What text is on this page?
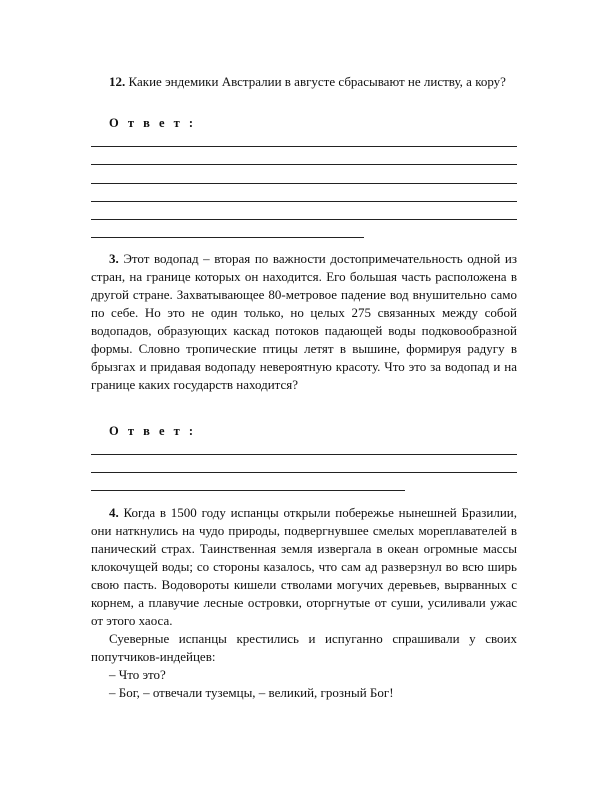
12. Какие эндемики Австралии в августе сбрасывают не листву, а кору?

О т в е т :

3. Этот водопад – вторая по важности достопримечательность одной из стран, на границе которых он находится. Его большая часть расположена в другой стране. Захватывающее 80-метровое падение вод внушительно само по себе. Но это не один только, но целых 275 связанных между собой водопадов, образующих каскад потоков падающей воды подковообразной формы. Словно тропические птицы летят в вышине, формируя радугу в брызгах и придавая водопаду невероятную красоту. Что это за водопад и на границе каких государств находится?

О т в е т :

4. Когда в 1500 году испанцы открыли побережье нынешней Бразилии, они наткнулись на чудо природы, подвергнувшее смелых мореплавателей в панический страх. Таинственная земля извергала в океан огромные массы клокочущей воды; со стороны казалось, что сам ад разверзнул во всю ширь свою пасть. Водовороты кишели стволами могучих деревьев, вырванных с корнем, а плавучие лесные островки, оторгнутые от суши, усиливали ужас от этого хаоса.

Суеверные испанцы крестились и испуганно спрашивали у своих попутчиков-индейцев:

– Что это?

– Бог, – отвечали туземцы, – великий, грозный Бог!
